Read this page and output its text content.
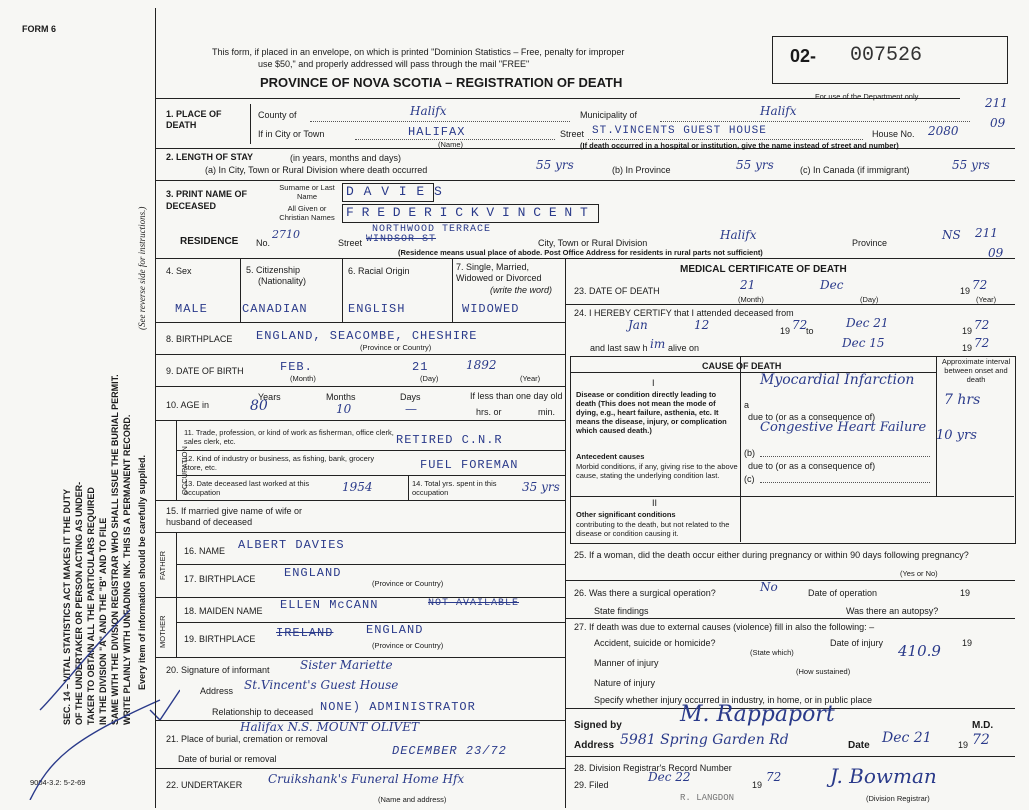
FORM 6
SEC. 14 – VITAL STATISTICS ACT MAKES IT THE DUTY OF THE UNDERTAKER OR PERSON ACTING AS UNDER- TAKER TO OBTAIN ALL THE PARTICULARS REQUIRED IN THE DIVISION "A" AND THE "B" AND TO FILE SAME WITH THE DIVISION REGISTRAR WHO SHALL ISSUE THE BURIAL PERMIT. WRITE PLAINLY WITH UNFADING INK. THIS IS A PERMANENT RECORD.
(See reverse side for instructions.)
Every item of information should be carefully supplied.
9004-3.2: 5-2-69
This form, if placed in an envelope, on which is printed "Dominion Statistics – Free, penalty for improper
use $50," and properly addressed will pass through the mail "FREE"
PROVINCE OF NOVA SCOTIA – REGISTRATION OF DEATH
02- 007526
For use of the Department only	211
09
1. PLACE OF DEATH
County of	Halifx	Municipality of	Halifx
If in City or Town	HALIFAX
(Name)
Street ST.VINCENTS GUEST HOUSE	House No. 2080
(If death occurred in a hospital or institution, give the name instead of street and number)
2. LENGTH OF STAY	(in years, months and days)
(a) In City, Town or Rural Division where death occurred	55 yrs	(b) In Province	55 yrs	(c) In Canada (if immigrant)	55 yrs
3. PRINT NAME OF DECEASED
Surname or Last Name
All Given or Christian Names
D A V I E S
F R E D E R I C K V I N C E N T
RESIDENCE No.
2710
Street
NORTHWOOD TERRACE
WINDSOR ST	City, Town or Rural Division
Halifx
Province
NS 211
09
(Residence means usual place of abode. Post Office Address for residents in rural parts not sufficient)
4. Sex	5. Citizenship
(Nationality)
6. Racial Origin	7. Single, Married, Widowed or Divorced
(write the word)
MALE	CANADIAN	ENGLISH	WIDOWED
8. BIRTHPLACE ENGLAND, SEACOMBE, CHESHIRE
(Province or Country)
9. DATE OF BIRTH	FEB.	21	1892
(Month)	(Day)	(Year)
10. AGE in
Years
80
Months
10
Days
—
If less than one day old
hrs. or	min.
OCCUPATION
11. Trade, profession, or kind of work as fisherman, office clerk, sales clerk, etc.	RETIRED C.N.R
12. Kind of industry or business, as fishing, bank, grocery store, etc.	FUEL FOREMAN
13. Date deceased last worked at this occupation	1954	14. Total yrs. spent in this occupation	35 yrs
15. If married give name of wife or husband of deceased
FATHER 16. NAME ALBERT DAVIES
17. BIRTHPLACE ENGLAND
(Province or Country)
MOTHER
18. MAIDEN NAME ELLEN McCANN	NOT AVAILABLE
19. BIRTHPLACE IRELAND	ENGLAND
(Province or Country)
20. Signature of informant	Sister Mariette
Address St.Vincent's Guest House
Relationship to deceased NONE) ADMINISTRATOR
21. Place of burial, cremation or removal
Halifax N.S. MOUNT OLIVET
Date of burial or removal
DECEMBER 23/72
22. UNDERTAKER Cruikshank's Funeral Home Hfx
(Name and address)
MEDICAL CERTIFICATE OF DEATH
23. DATE OF DEATH	21	Dec	19 72
(Month)	(Day)	(Year)
24. I HEREBY CERTIFY that I attended deceased from
Jan	12	19 72
to
Dec 21
19 72
and last saw h im alive on	Dec 15	19 72
CAUSE OF DEATH	Approximate interval between onset and death
I
Disease or condition directly leading to death (This does not mean the mode of dying, e.g., heart failure, asthenia, etc. It means the disease, injury, or complication which caused death.)
a
Myocardial Infarction
7 hrs
due to (or as a consequence of)
Congestive Heart Failure
10 yrs
Antecedent causes
Morbid conditions, if any, giving rise to the above cause, stating the underlying condition last.
(b)
due to (or as a consequence of)
(c)
II
Other significant conditions
contributing to the death, but not related to the disease or condition causing it.
25. If a woman, did the death occur either during pregnancy or within 90 days following pregnancy?
(Yes or No)
26. Was there a surgical operation?	No	Date of operation	19
State findings	Was there an autopsy?
27. If death was due to external causes (violence) fill in also the following: –
Accident, suicide or homicide?	Date of injury	19
(State which)	410.9
Manner of injury
(How sustained)
Nature of injury
Specify whether injury occurred in industry, in home, or in public place
Signed by	M. Rappaport	M.D.
Address 5981 Spring Garden Rd	Date Dec 21	19 72
28. Division Registrar's Record Number
29. Filed
Dec 22
19
72 J. Bowman
(Division Registrar)
R. LANGDON
